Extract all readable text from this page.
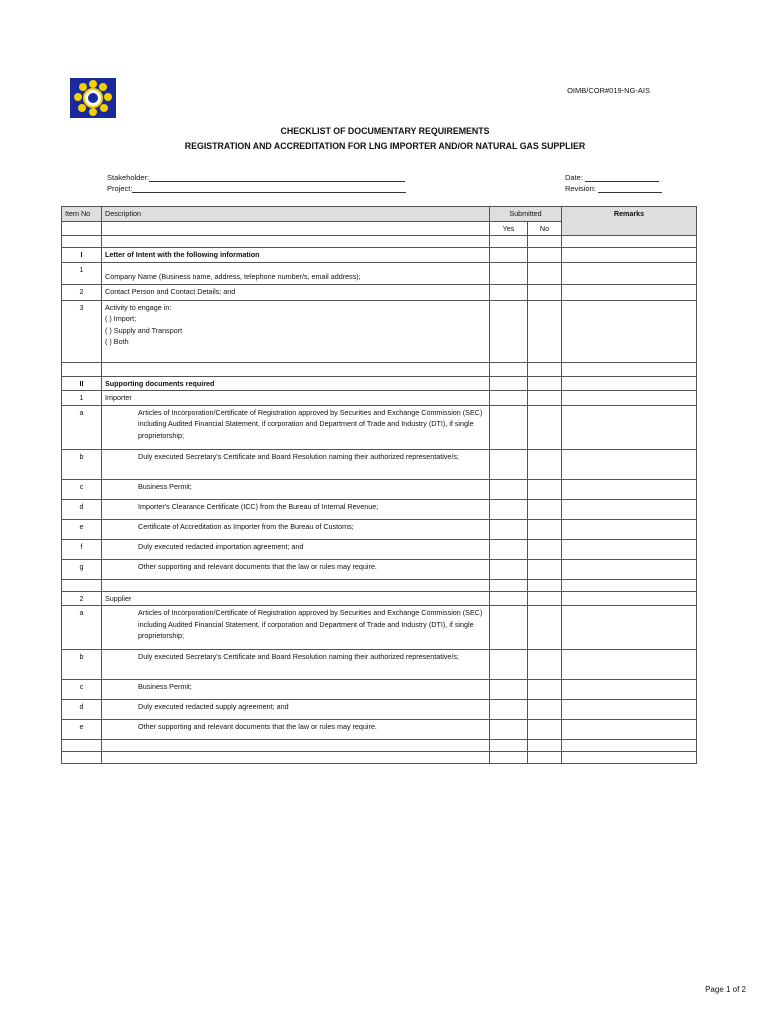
OIMB/COR#019-NG-AIS
CHECKLIST OF DOCUMENTARY REQUIREMENTS
REGISTRATION AND ACCREDITATION FOR LNG IMPORTER AND/OR NATURAL GAS SUPPLIER
Stakeholder:
Project:
Date:
Revision:
Item No	Description	Submitted		Remarks
		Yes	No	

I	Letter of Intent with the following information			
1	Company Name (Business name, address, telephone number/s, email address);			
2	Contact Person and Contact Details; and			
3	Activity to engage in:
( ) Import;
( ) Supply and Transport
( ) Both			

II	Supporting documents required			
1	Importer			
a	Articles of Incorporation/Certificate of Registration approved by Securities and Exchange Commission (SEC) including Audited Financial Statement, if corporation and Department of Trade and Industry (DTI), if single proprietorship;			
b	Duly executed Secretary's Certificate and Board Resolution naming their authorized representative/s;			
c	Business Permit;			
d	Importer's Clearance Certificate (ICC) from the Bureau of Internal Revenue;			
e	Certificate of Accreditation as Importer from the Bureau of Customs;			
f	Duly executed redacted importation agreement; and			
g	Other supporting and relevant documents that the law or rules may require.			

2	Supplier			
a	Articles of Incorporation/Certificate of Registration approved by Securities and Exchange Commission (SEC) including Audited Financial Statement, if corporation and Department of Trade and Industry (DTI), if single proprietorship;			
b	Duly executed Secretary's Certificate and Board Resolution naming their authorized representative/s;			
c	Business Permit;			
d	Duly executed redacted supply agreement; and			
e	Other supporting and relevant documents that the law or rules may require.			

Page 1 of 2
